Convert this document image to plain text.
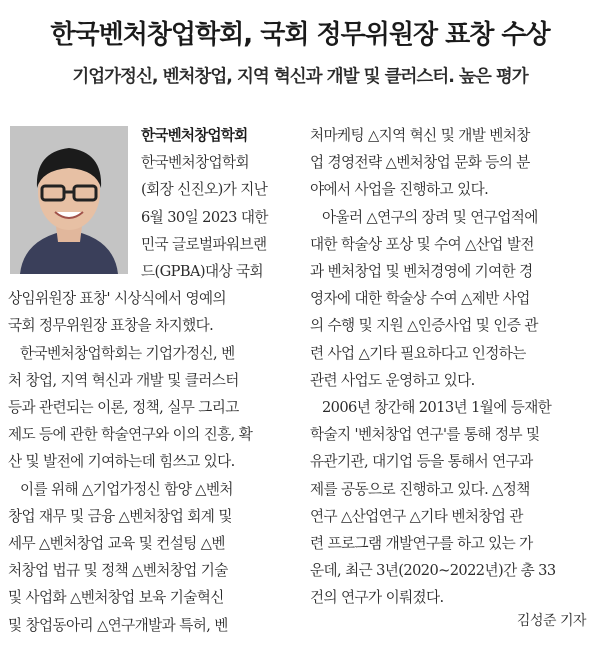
한국벤처창업학회, 국회 정무위원장 표창 수상
기업가정신, 벤처창업, 지역 혁신과 개발 및 클러스터. 높은 평가
한국벤처창업학회
한국벤처창업학회
(회장 신진오)가 지난
6월 30일 2023 대한
민국 글로벌파워브랜
드(GPBA)대상 국회
상임위원장 표창' 시상식에서 영예의
국회 정무위원장 표창을 차지했다.
한국벤처창업학회는 기업가정신, 벤
처 창업, 지역 혁신과 개발 및 클러스터
등과 관련되는 이론, 정책, 실무 그리고
제도 등에 관한 학술연구와 이의 진흥, 확
산 및 발전에 기여하는데 힘쓰고 있다.
이를 위해 △기업가정신 함양 △벤처
창업 재무 및 금융 △벤처창업 회계 및
세무 △벤처창업 교육 및 컨설팅 △벤
처창업 법규 및 정책 △벤처창업 기술
및 사업화 △벤처창업 보육 기술혁신
및 창업동아리 △연구개발과 특허, 벤
처마케팅 △지역 혁신 및 개발 벤처창
업 경영전략 △벤처창업 문화 등의 분
야에서 사업을 진행하고 있다.
아울러 △연구의 장려 및 연구업적에
대한 학술상 포상 및 수여 △산업 발전
과 벤처창업 및 벤처경영에 기여한 경
영자에 대한 학술상 수여 △제반 사업
의 수행 및 지원 △인증사업 및 인증 관
련 사업 △기타 필요하다고 인정하는
관련 사업도 운영하고 있다.
2006년 창간해 2013년 1월에 등재한
학술지 '벤처창업 연구'를 통해 정부 및
유관기관, 대기업 등을 통해서 연구과
제를 공동으로 진행하고 있다. △정책
연구 △산업연구 △기타 벤처창업 관
련 프로그램 개발연구를 하고 있는 가
운데, 최근 3년(2020~2022년)간 총 33
건의 연구가 이뤄졌다.
김성준 기자
